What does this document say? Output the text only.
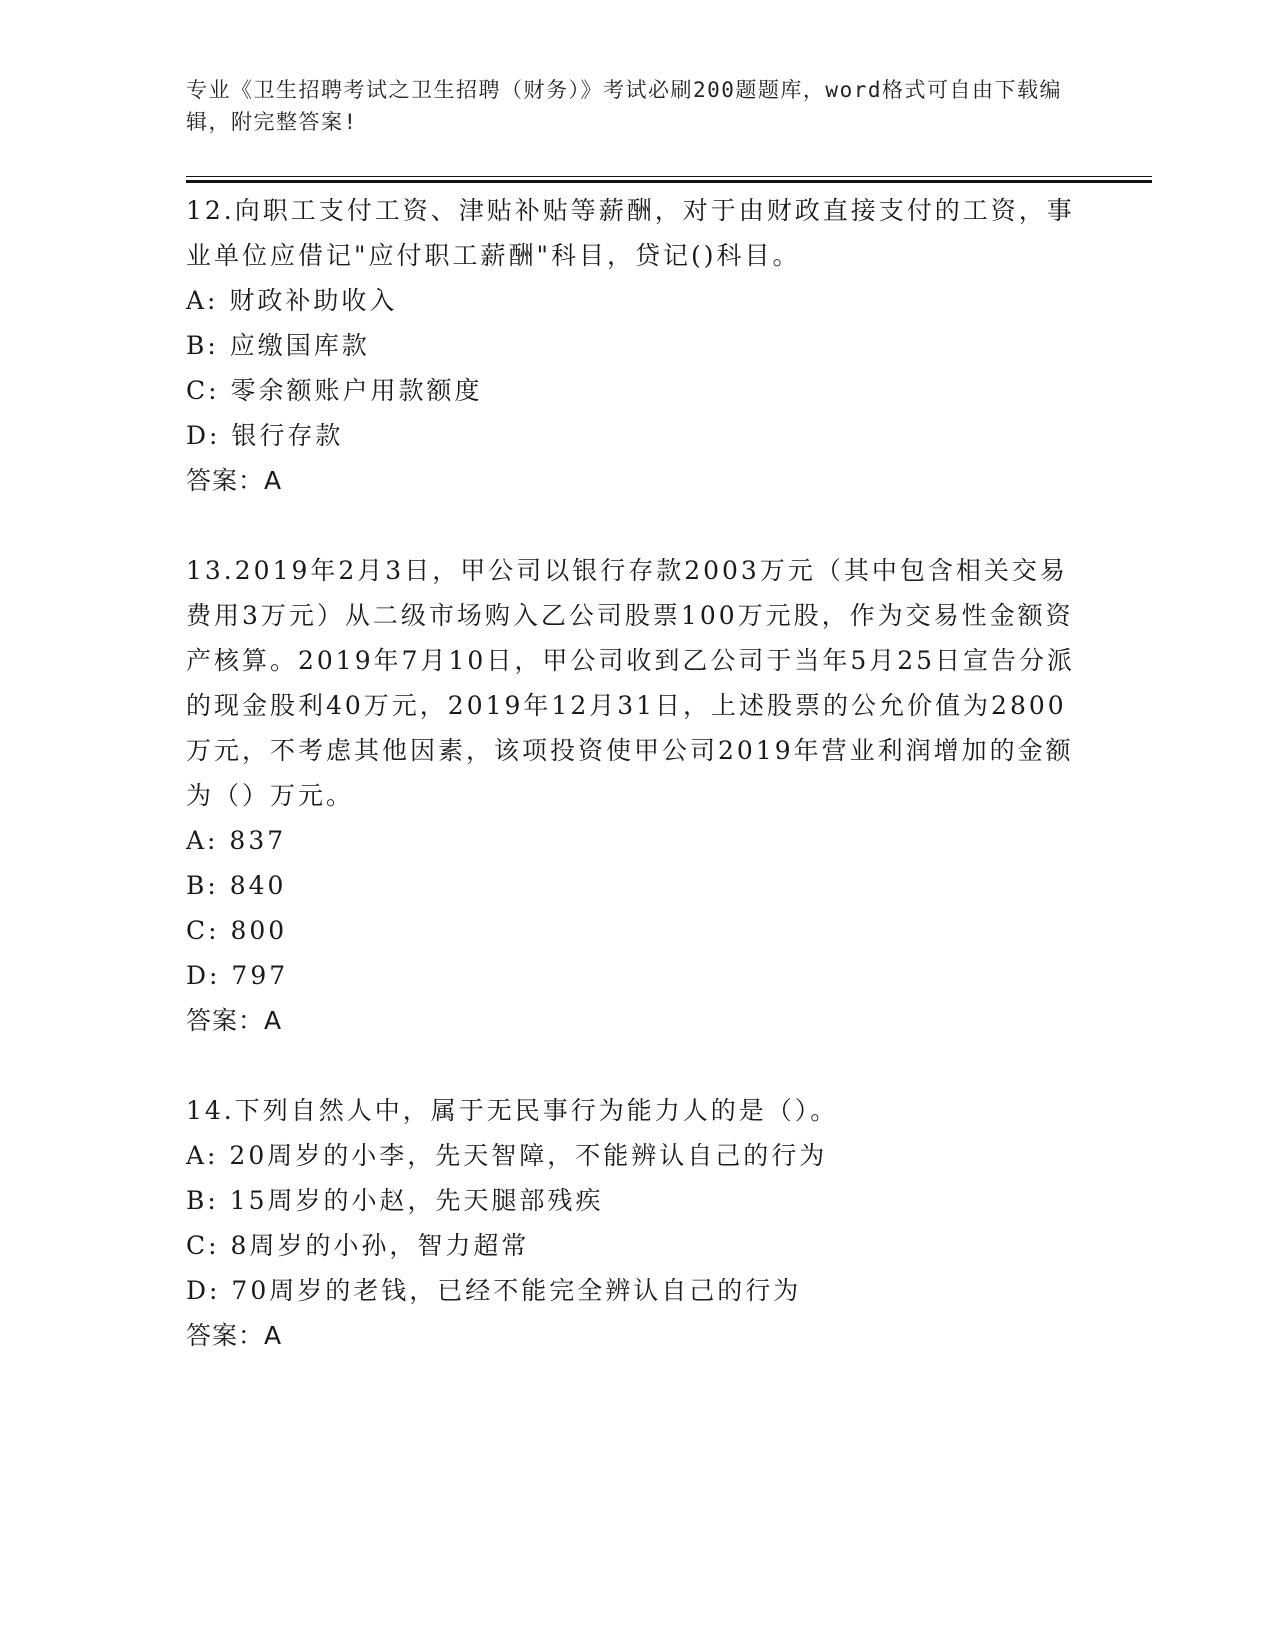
专业《卫生招聘考试之卫生招聘（财务）》考试必刷200题题库，word格式可自由下载编辑，附完整答案!
12.向职工支付工资、津贴补贴等薪酬，对于由财政直接支付的工资，事业单位应借记"应付职工薪酬"科目，贷记()科目。
A: 财政补助收入
B: 应缴国库款
C: 零余额账户用款额度
D: 银行存款
答案：A
13.2019年2月3日，甲公司以银行存款2003万元（其中包含相关交易费用3万元）从二级市场购入乙公司股票100万元股，作为交易性金额资产核算。2019年7月10日，甲公司收到乙公司于当年5月25日宣告分派的现金股利40万元，2019年12月31日，上述股票的公允价值为2800万元，不考虑其他因素，该项投资使甲公司2019年营业利润增加的金额为（）万元。
A: 837
B: 840
C: 800
D: 797
答案：A
14.下列自然人中，属于无民事行为能力人的是（）。
A: 20周岁的小李，先天智障，不能辨认自己的行为
B: 15周岁的小赵，先天腿部残疾
C: 8周岁的小孙，智力超常
D: 70周岁的老钱，已经不能完全辨认自己的行为
答案：A
